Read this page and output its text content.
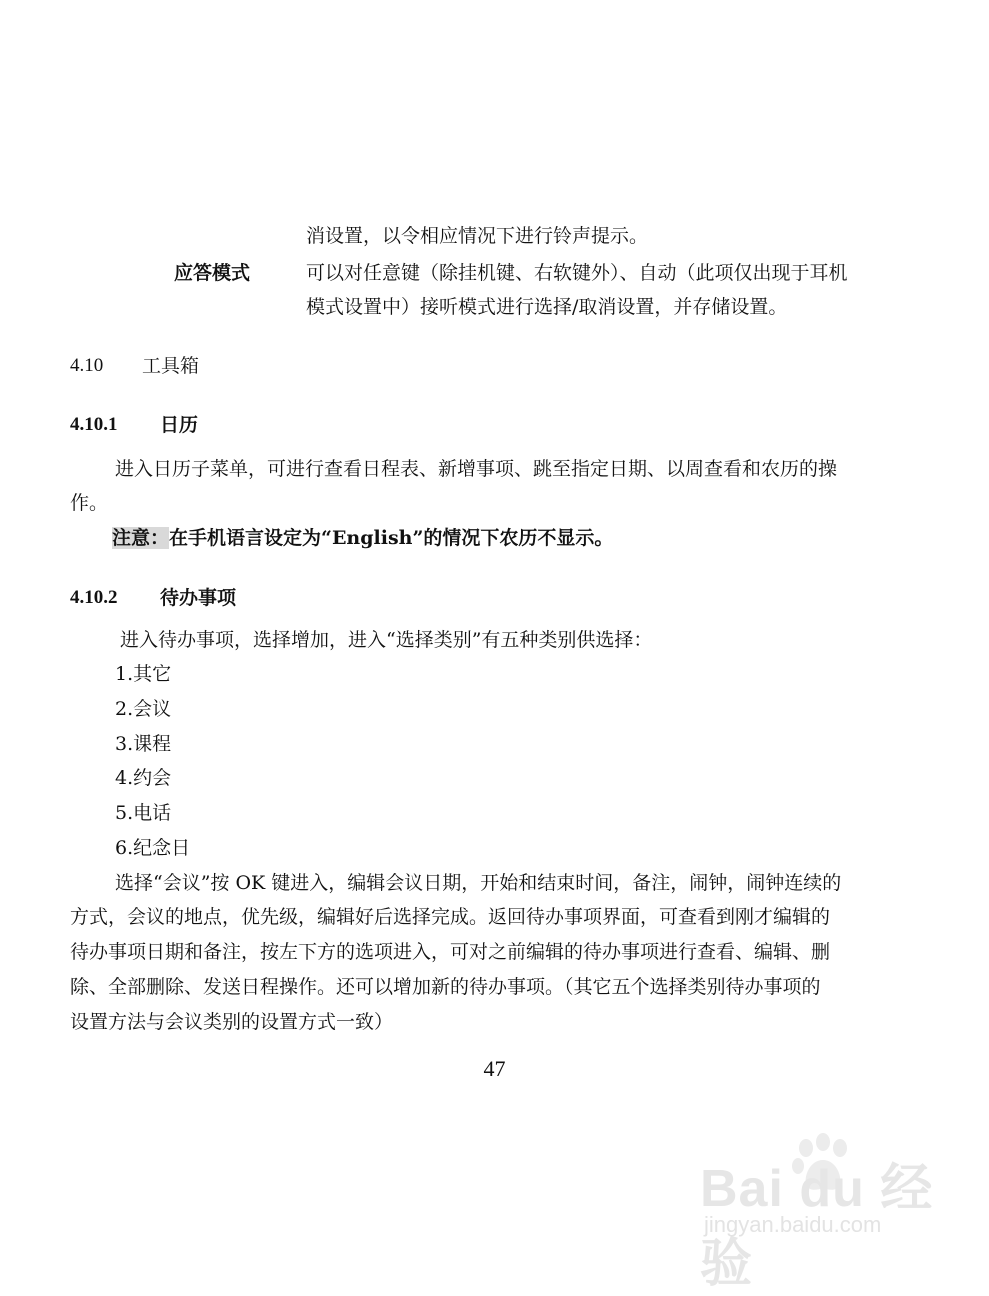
消设置，以令相应情况下进行铃声提示。
应答模式	可以对任意键（除挂机键、右软键外）、自动（此项仅出现于耳机
模式设置中）接听模式进行选择/取消设置，并存储设置。
4.10 工具箱
4.10.1 日历
进入日历子菜单，可进行查看日程表、新增事项、跳至指定日期、以周查看和农历的操
作。
注意：在手机语言设定为“English”的情况下农历不显示。
4.10.2 待办事项
进入待办事项，选择增加，进入“选择类别”有五种类别供选择：
1.其它
2.会议
3.课程
4.约会
5.电话
6.纪念日
选择“会议”按 OK 键进入，编辑会议日期，开始和结束时间，备注，闹钟，闹钟连续的
方式，会议的地点，优先级，编辑好后选择完成。返回待办事项界面，可查看到刚才编辑的
待办事项日期和备注，按左下方的选项进入，可对之前编辑的待办事项进行查看、编辑、删
除、全部删除、发送日程操作。还可以增加新的待办事项。（其它五个选择类别待办事项的
设置方法与会议类别的设置方式一致）
47
Bai du 经验
jingyan.baidu.com
